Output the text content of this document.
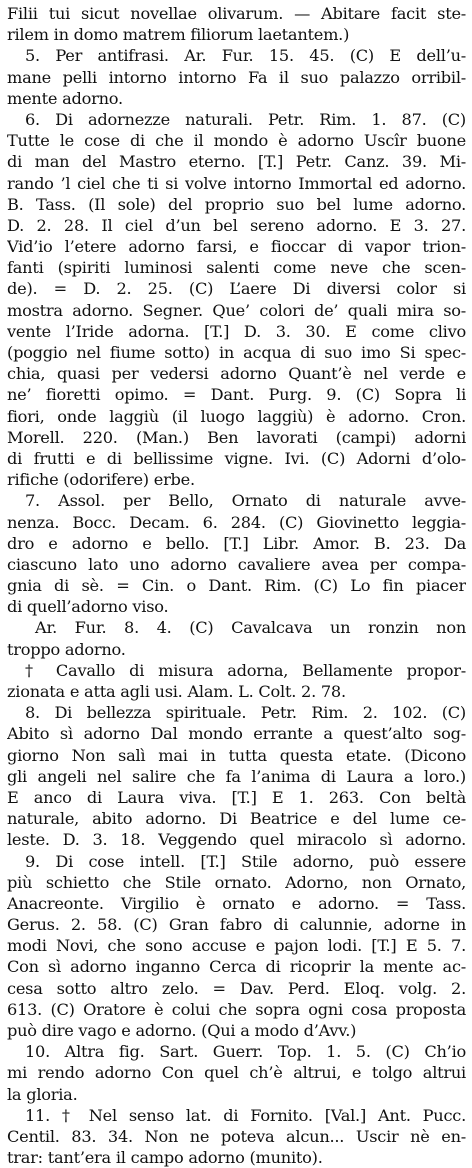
Filii tui sicut novellae olivarum. — Abitare facit ste-
rilem in domo matrem filiorum laetantem.)
5. Per antifrasi. Ar. Fur. 15. 45. (C) E dell’u-
mane pelli intorno intorno Fa il suo palazzo orribil-
mente adorno.
6. Di adornezze naturali. Petr. Rim. 1. 87. (C)
Tutte le cose di che il mondo è adorno Uscîr buone
di man del Mastro eterno. [T.] Petr. Canz. 39. Mi-
rando ’l ciel che ti si volve intorno Immortal ed adorno.
B. Tass. (Il sole) del proprio suo bel lume adorno.
D. 2. 28. Il ciel d’un bel sereno adorno. E 3. 27.
Vid’io l’etere adorno farsi, e fioccar di vapor trion-
fanti (spiriti luminosi salenti come neve che scen-
de). = D. 2. 25. (C) L’aere Di diversi color si
mostra adorno. Segner. Que’ colori de’ quali mira so-
vente l’Iride adorna. [T.] D. 3. 30. E come clivo
(poggio nel fiume sotto) in acqua di suo imo Si spec-
chia, quasi per vedersi adorno Quant’è nel verde e
ne’ fioretti opimo. = Dant. Purg. 9. (C) Sopra li
fiori, onde laggiù (il luogo laggiù) è adorno. Cron.
Morell. 220. (Man.) Ben lavorati (campi) adorni
di frutti e di bellissime vigne. Ivi. (C) Adorni d’olo-
rifiche (odorifere) erbe.
7. Assol. per Bello, Ornato di naturale avve-
nenza. Bocc. Decam. 6. 284. (C) Giovinetto leggia-
dro e adorno e bello. [T.] Libr. Amor. B. 23. Da
ciascuno lato uno adorno cavaliere avea per compa-
gnia di sè. = Cin. o Dant. Rim. (C) Lo fin piacer
di quell’adorno viso.
Ar. Fur. 8. 4. (C) Cavalcava un ronzin non
troppo adorno.
† Cavallo di misura adorna, Bellamente propor-
zionata e atta agli usi. Alam. L. Colt. 2. 78.
8. Di bellezza spirituale. Petr. Rim. 2. 102. (C)
Abito sì adorno Dal mondo errante a quest’alto sog-
giorno Non salì mai in tutta questa etate. (Dicono
gli angeli nel salire che fa l’anima di Laura a loro.)
E anco di Laura viva. [T.] E 1. 263. Con beltà
naturale, abito adorno. Di Beatrice e del lume ce-
leste. D. 3. 18. Veggendo quel miracolo sì adorno.
9. Di cose intell. [T.] Stile adorno, può essere
più schietto che Stile ornato. Adorno, non Ornato,
Anacreonte. Virgilio è ornato e adorno. = Tass.
Gerus. 2. 58. (C) Gran fabro di calunnie, adorne in
modi Novi, che sono accuse e pajon lodi. [T.] E 5. 7.
Con sì adorno inganno Cerca di ricoprir la mente ac-
cesa sotto altro zelo. = Dav. Perd. Eloq. volg. 2.
613. (C) Oratore è colui che sopra ogni cosa proposta
può dire vago e adorno. (Qui a modo d’Avv.)
10. Altra fig. Sart. Guerr. Top. 1. 5. (C) Ch’io
mi rendo adorno Con quel ch’è altrui, e tolgo altrui
la gloria.
11. † Nel senso lat. di Fornito. [Val.] Ant. Pucc.
Centil. 83. 34. Non ne poteva alcun... Uscir nè en-
trar: tant’era il campo adorno (munito).
